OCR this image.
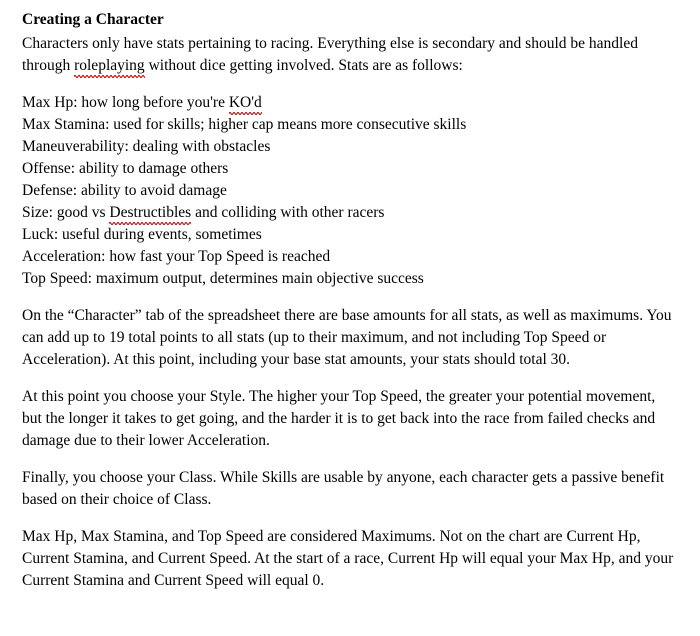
Creating a Character

Characters only have stats pertaining to racing. Everything else is secondary and should be handled through roleplaying without dice getting involved. Stats are as follows:

Max Hp: how long before you're KO'd

Max Stamina: used for skills; higher cap means more consecutive skills

Maneuverability: dealing with obstacles

Offense: ability to damage others

Defense: ability to avoid damage

Size: good vs Destructibles and colliding with other racers

Luck: useful during events, sometimes

Acceleration: how fast your Top Speed is reached

Top Speed: maximum output, determines main objective success

On the “Character” tab of the spreadsheet there are base amounts for all stats, as well as maximums. You can add up to 19 total points to all stats (up to their maximum, and not including Top Speed or Acceleration). At this point, including your base stat amounts, your stats should total 30.

At this point you choose your Style. The higher your Top Speed, the greater your potential movement, but the longer it takes to get going, and the harder it is to get back into the race from failed checks and damage due to their lower Acceleration.

Finally, you choose your Class. While Skills are usable by anyone, each character gets a passive benefit based on their choice of Class.

Max Hp, Max Stamina, and Top Speed are considered Maximums. Not on the chart are Current Hp, Current Stamina, and Current Speed. At the start of a race, Current Hp will equal your Max Hp, and your Current Stamina and Current Speed will equal 0.
